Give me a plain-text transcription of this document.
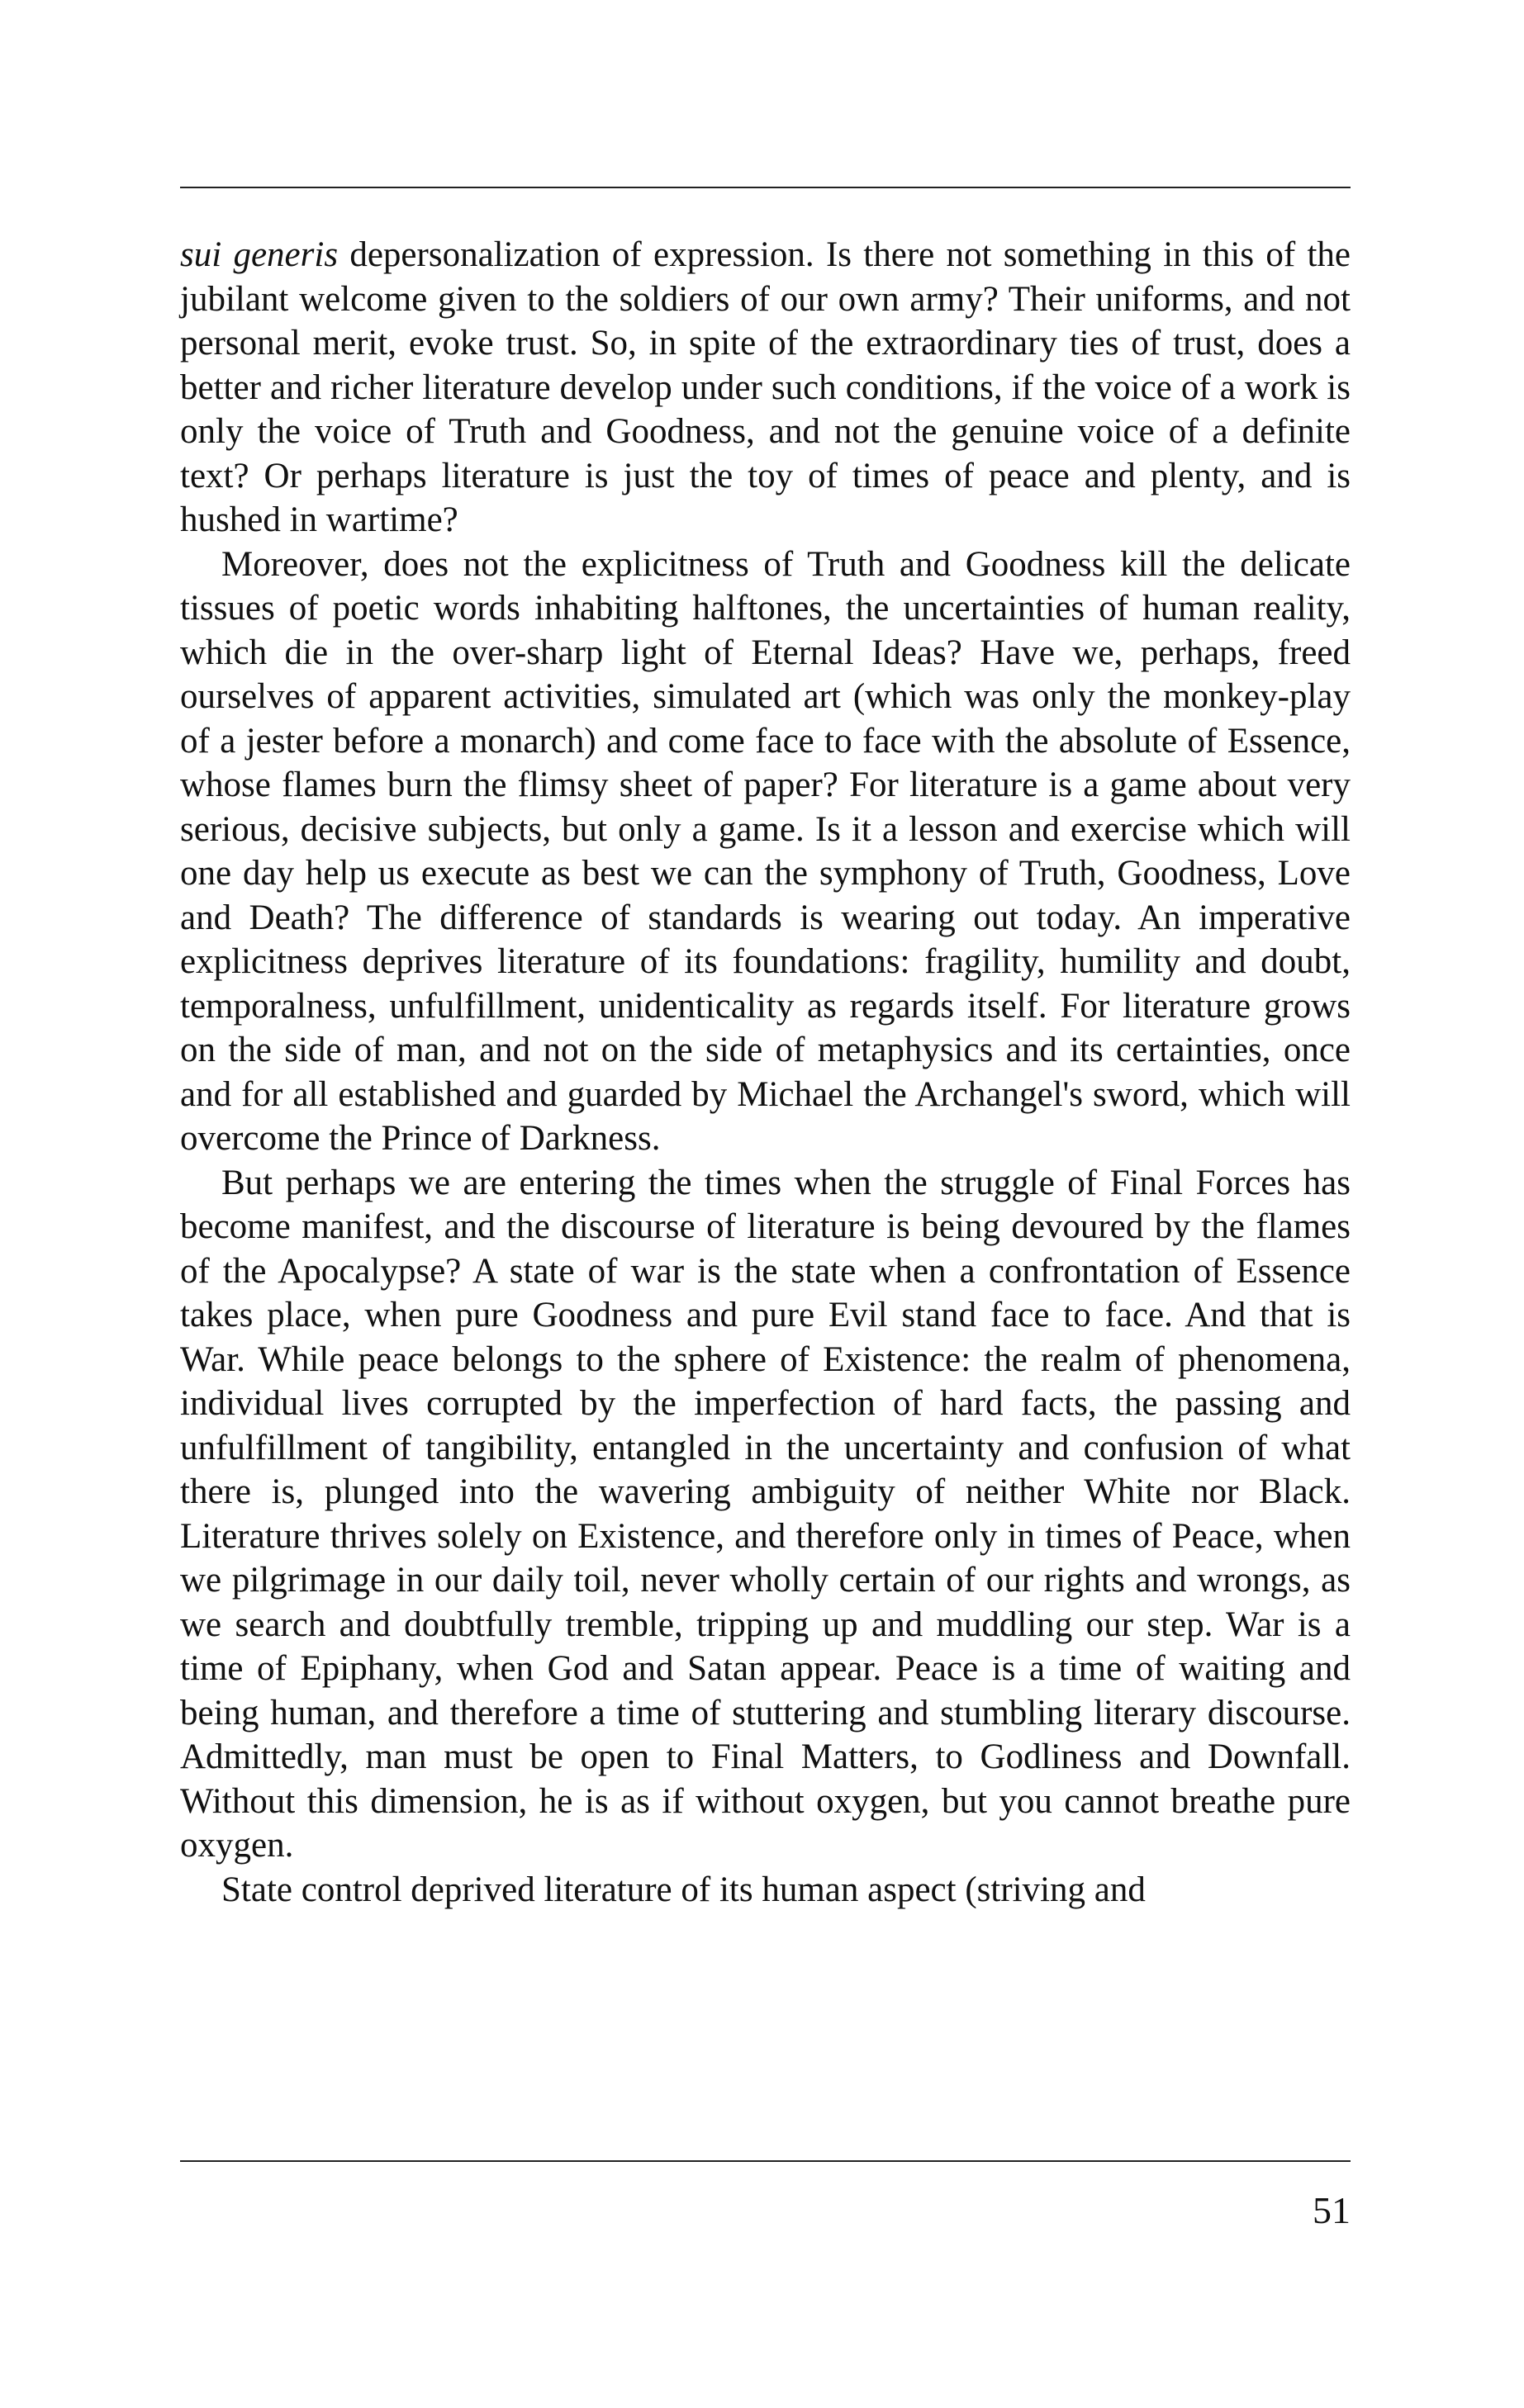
sui generis depersonalization of expression. Is there not something in this of the jubilant welcome given to the soldiers of our own army? Their uniforms, and not personal merit, evoke trust. So, in spite of the extraordinary ties of trust, does a better and richer literature develop under such conditions, if the voice of a work is only the voice of Truth and Goodness, and not the genuine voice of a definite text? Or perhaps literature is just the toy of times of peace and plenty, and is hushed in wartime?

Moreover, does not the explicitness of Truth and Goodness kill the delicate tissues of poetic words inhabiting halftones, the uncertainties of human reality, which die in the over-sharp light of Eternal Ideas? Have we, perhaps, freed ourselves of apparent activities, simulated art (which was only the monkey-play of a jester before a monarch) and come face to face with the absolute of Essence, whose flames burn the flimsy sheet of paper? For literature is a game about very serious, decisive subjects, but only a game. Is it a lesson and exercise which will one day help us execute as best we can the symphony of Truth, Goodness, Love and Death? The difference of standards is wearing out today. An imperative explicitness deprives literature of its foundations: fragility, humility and doubt, temporalness, unfulfillment, unidenticality as regards itself. For literature grows on the side of man, and not on the side of metaphysics and its certainties, once and for all established and guarded by Michael the Archangel's sword, which will overcome the Prince of Darkness.

But perhaps we are entering the times when the struggle of Final Forces has become manifest, and the discourse of literature is being devoured by the flames of the Apocalypse? A state of war is the state when a confrontation of Essence takes place, when pure Goodness and pure Evil stand face to face. And that is War. While peace belongs to the sphere of Existence: the realm of phenomena, individual lives corrupted by the imperfection of hard facts, the passing and unfulfillment of tangibility, entangled in the uncertainty and confusion of what there is, plunged into the wavering ambiguity of neither White nor Black. Literature thrives solely on Existence, and therefore only in times of Peace, when we pilgrimage in our daily toil, never wholly certain of our rights and wrongs, as we search and doubtfully tremble, tripping up and muddling our step. War is a time of Epiphany, when God and Satan appear. Peace is a time of waiting and being human, and therefore a time of stuttering and stumbling literary discourse. Admittedly, man must be open to Final Matters, to Godliness and Downfall. Without this dimension, he is as if without oxygen, but you cannot breathe pure oxygen.

State control deprived literature of its human aspect (striving and

51
